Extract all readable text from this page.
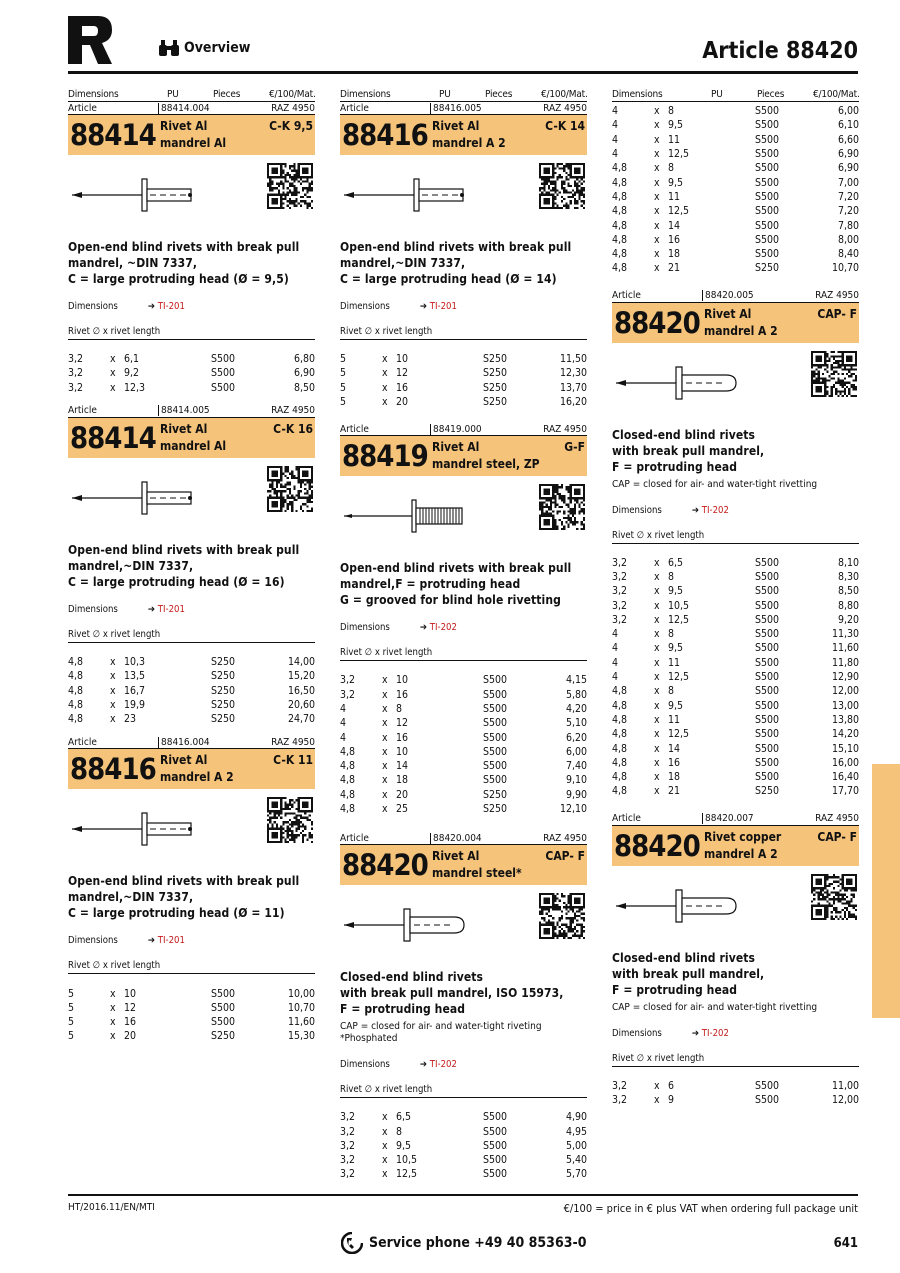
Overview	Article 88420
Dimensions	PU	Pieces	€/100/Mat.
Article	88414.004	RAZ 4950
88414 Rivet Al
mandrel Al
C-K 9,5
Open-end blind rivets with break pull
mandrel, ~DIN 7337,
C = large protruding head (Ø = 9,5)
Dimensions	➔ TI-201
Rivet ∅ x rivet length
3,2	x	6,1	S	500	6,80
3,2	x	9,2	S	500	6,90
3,2	x	12,3	S	500	8,50
Article	88414.005	RAZ 4950
88414 Rivet Al
mandrel Al
C-K 16
Open-end blind rivets with break pull
mandrel,~DIN 7337,
C = large protruding head (Ø = 16)
Dimensions	➔ TI-201
Rivet ∅ x rivet length
4,8	x	10,3	S	250	14,00
4,8	x	13,5	S	250	15,20
4,8	x	16,7	S	250	16,50
4,8	x	19,9	S	250	20,60
4,8	x	23	S	250	24,70
Article	88416.004	RAZ 4950
88416 Rivet Al
mandrel A 2
C-K 11
Open-end blind rivets with break pull
mandrel,~DIN 7337,
C = large protruding head (Ø = 11)
Dimensions	➔ TI-201
Rivet ∅ x rivet length
5	x	10	S	500	10,00
5	x	12	S	500	10,70
5	x	16	S	500	11,60
5	x	20	S	250	15,30
Dimensions	PU	Pieces	€/100/Mat.
Article	88416.005	RAZ 4950
88416 Rivet Al
mandrel A 2
C-K 14
Open-end blind rivets with break pull
mandrel,~DIN 7337,
C = large protruding head (Ø = 14)
Dimensions	➔ TI-201
Rivet ∅ x rivet length
5	x	10	S	250	11,50
5	x	12	S	250	12,30
5	x	16	S	250	13,70
5	x	20	S	250	16,20
Article	88419.000	RAZ 4950
88419 Rivet Al
mandrel steel, ZP
G-F
Open-end blind rivets with break pull
mandrel,F = protruding head
G = grooved for blind hole rivetting
Dimensions	➔ TI-202
Rivet ∅ x rivet length
3,2	x	10	S	500	4,15
3,2	x	16	S	500	5,80
4	x	8	S	500	4,20
4	x	12	S	500	5,10
4	x	16	S	500	6,20
4,8	x	10	S	500	6,00
4,8	x	14	S	500	7,40
4,8	x	18	S	500	9,10
4,8	x	20	S	250	9,90
4,8	x	25	S	250	12,10
Article	88420.004	RAZ 4950
88420 Rivet Al
mandrel steel*
CAP- F
Closed-end blind rivets
with break pull mandrel, ISO 15973,
F = protruding head
CAP = closed for air- and water-tight riveting
*Phosphated
Dimensions	➔ TI-202
Rivet ∅ x rivet length
3,2	x	6,5	S	500	4,90
3,2	x	8	S	500	4,95
3,2	x	9,5	S	500	5,00
3,2	x	10,5	S	500	5,40
3,2	x	12,5	S	500	5,70
Dimensions	PU	Pieces	€/100/Mat.
4	x	8	S	500	6,00
4	x	9,5	S	500	6,10
4	x	11	S	500	6,60
4	x	12,5	S	500	6,90
4,8	x	8	S	500	6,90
4,8	x	9,5	S	500	7,00
4,8	x	11	S	500	7,20
4,8	x	12,5	S	500	7,20
4,8	x	14	S	500	7,80
4,8	x	16	S	500	8,00
4,8	x	18	S	500	8,40
4,8	x	21	S	250	10,70
Article	88420.005	RAZ 4950
88420 Rivet Al
mandrel A 2
CAP- F
Closed-end blind rivets
with break pull mandrel,
F = protruding head
CAP = closed for air- and water-tight rivetting
Dimensions	➔ TI-202
Rivet ∅ x rivet length
3,2	x	6,5	S	500	8,10
3,2	x	8	S	500	8,30
3,2	x	9,5	S	500	8,50
3,2	x	10,5	S	500	8,80
3,2	x	12,5	S	500	9,20
4	x	8	S	500	11,30
4	x	9,5	S	500	11,60
4	x	11	S	500	11,80
4	x	12,5	S	500	12,90
4,8	x	8	S	500	12,00
4,8	x	9,5	S	500	13,00
4,8	x	11	S	500	13,80
4,8	x	12,5	S	500	14,20
4,8	x	14	S	500	15,10
4,8	x	16	S	500	16,00
4,8	x	18	S	500	16,40
4,8	x	21	S	250	17,70
Article	88420.007	RAZ 4950
88420 Rivet copper
mandrel A 2
CAP- F
Closed-end blind rivets
with break pull mandrel,
F = protruding head
CAP = closed for air- and water-tight rivetting
Dimensions	➔ TI-202
Rivet ∅ x rivet length
3,2	x	6	S	500	11,00
3,2	x	9	S	500	12,00
HT/2016.11/EN/MTI	€/100 = price in € plus VAT when ordering full package unit
Service phone +49 40 85363-0	641
